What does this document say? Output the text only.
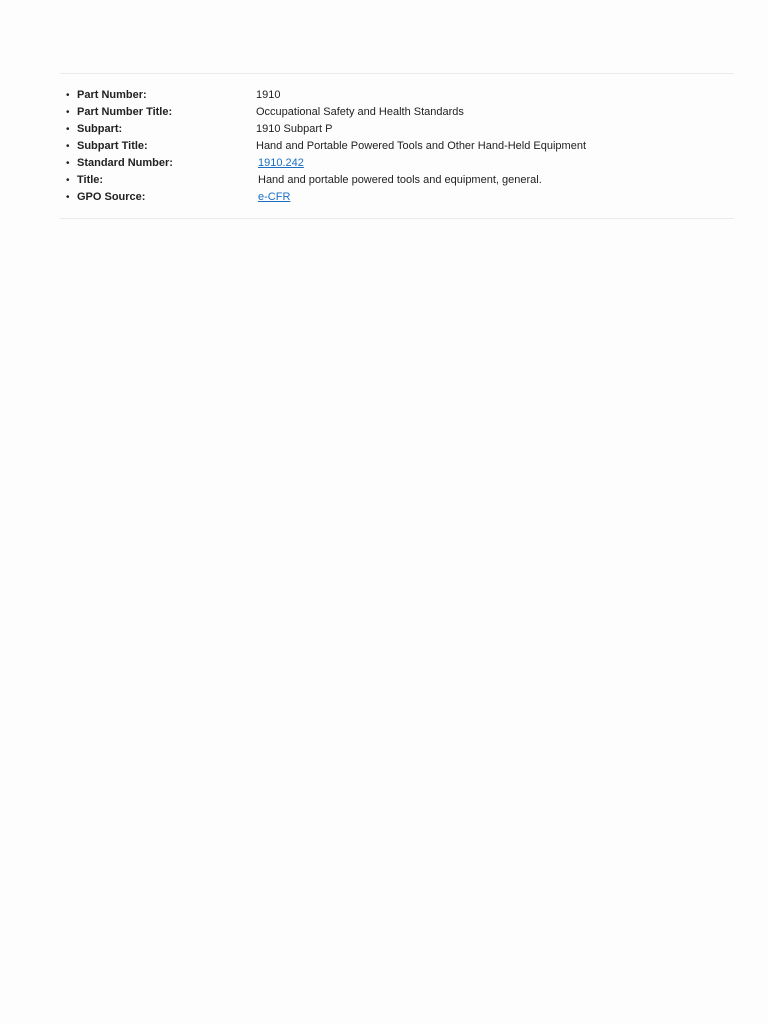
• Part Number:	1910
• Part Number Title:	Occupational Safety and Health Standards
• Subpart:	1910 Subpart P
• Subpart Title:	Hand and Portable Powered Tools and Other Hand-Held Equipment
• Standard Number:	1910.242
• Title:	Hand and portable powered tools and equipment, general.
• GPO Source:	e-CFR
